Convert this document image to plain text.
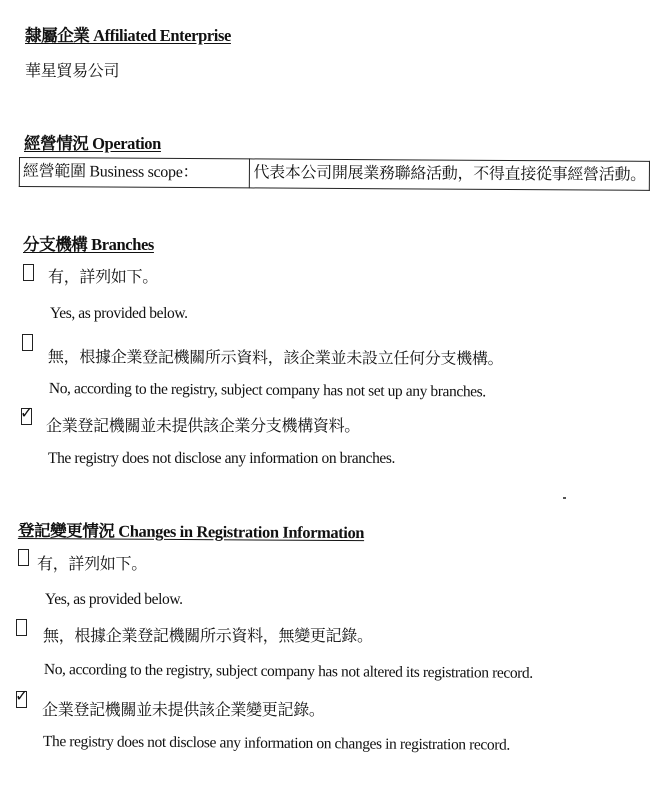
隸屬企業 Affiliated Enterprise
華星貿易公司
經營情況 Operation
經營範圍 Business scope：	代表本公司開展業務聯絡活動，不得直接從事經營活動。
分支機構 Branches
有，詳列如下。
Yes, as provided below.
無，根據企業登記機關所示資料，該企業並未設立任何分支機構。
No, according to the registry, subject company has not set up any branches.
✓
企業登記機關並未提供該企業分支機構資料。
The registry does not disclose any information on branches.
登記變更情況 Changes in Registration Information
有，詳列如下。
Yes, as provided below.
無，根據企業登記機關所示資料，無變更記錄。
No, according to the registry, subject company has not altered its registration record.
✓
企業登記機關並未提供該企業變更記錄。
The registry does not disclose any information on changes in registration record.
